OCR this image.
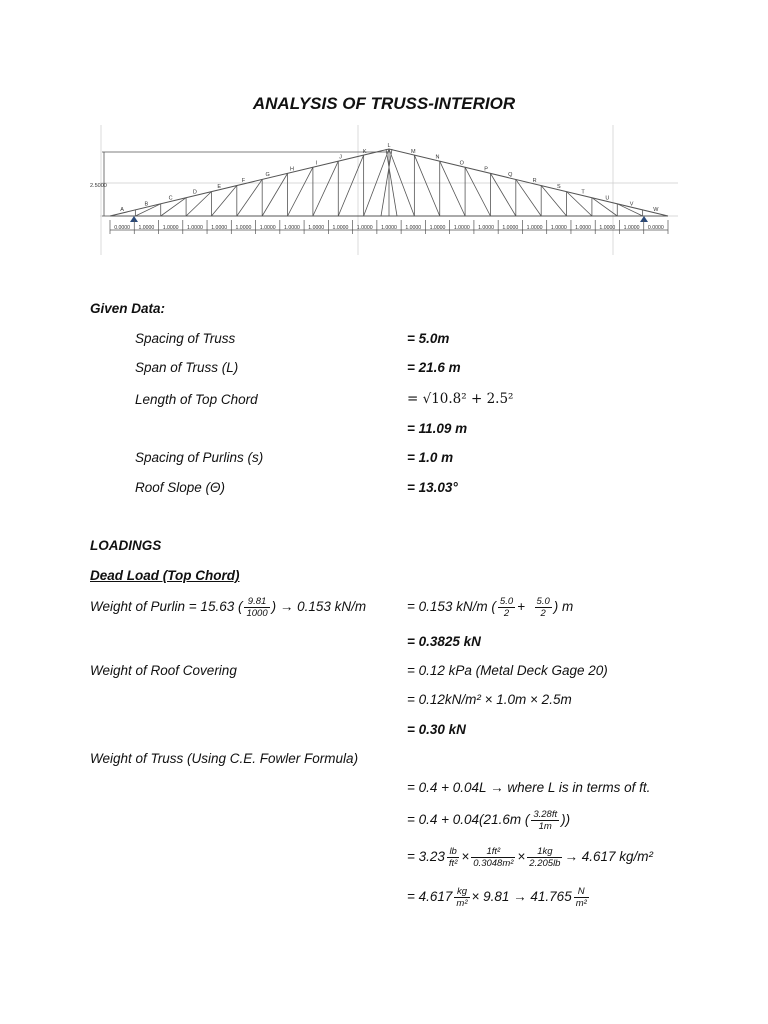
ANALYSIS OF TRUSS-INTERIOR
2.5000
A
B
C
D
E
F
G
H
I
J
K
L
M
N
O
P
Q
R
S
T
U
V
W
0.0000 1.0000 1.0000 1.0000 1.0000 1.0000 1.0000 1.0000 1.0000 1.0000 1.0000 1.0000 1.0000 1.0000 1.0000 1.0000 1.0000 1.0000 1.0000 1.0000 1.0000 1.0000 0.0000
Given Data:
Spacing of Truss	= 5.0m
Span of Truss (L)	= 21.6 m
Length of Top Chord	= √10.8² + 2.5²
= 11.09 m
Spacing of Purlins (s)	= 1.0 m
Roof Slope (Θ)	= 13.03°
LOADINGS
Dead Load (Top Chord)
Weight of Purlin = 15.63 ( $\frac{9.81}{1000}$ ) → 0.153 kN/m	= 0.153 kN/m ( $\frac{5.0}{2} + \frac{5.0}{2}$ ) m
= 0.3825 kN
Weight of Roof Covering	= 0.12 kPa (Metal Deck Gage 20)
= 0.12kN/m² × 1.0m × 2.5m
= 0.30 kN
Weight of Truss (Using C.E. Fowler Formula)
= 0.4 + 0.04L → where L is in terms of ft.
= 0.4 + 0.04(21.6m ( $\frac{3.28ft}{1m}$ ))
= $3.23 \frac{lb}{\text{ft²}} \times \frac{\text{1ft²}}{\text{0.3048m²}} \times \frac{1kg}{2.205lb} \to 4.617$ kg/m²
= $4.617 \frac{kg}{\text{m²}} \times 9.81 \to 41.765 \frac{N}{\text{m²}}$
